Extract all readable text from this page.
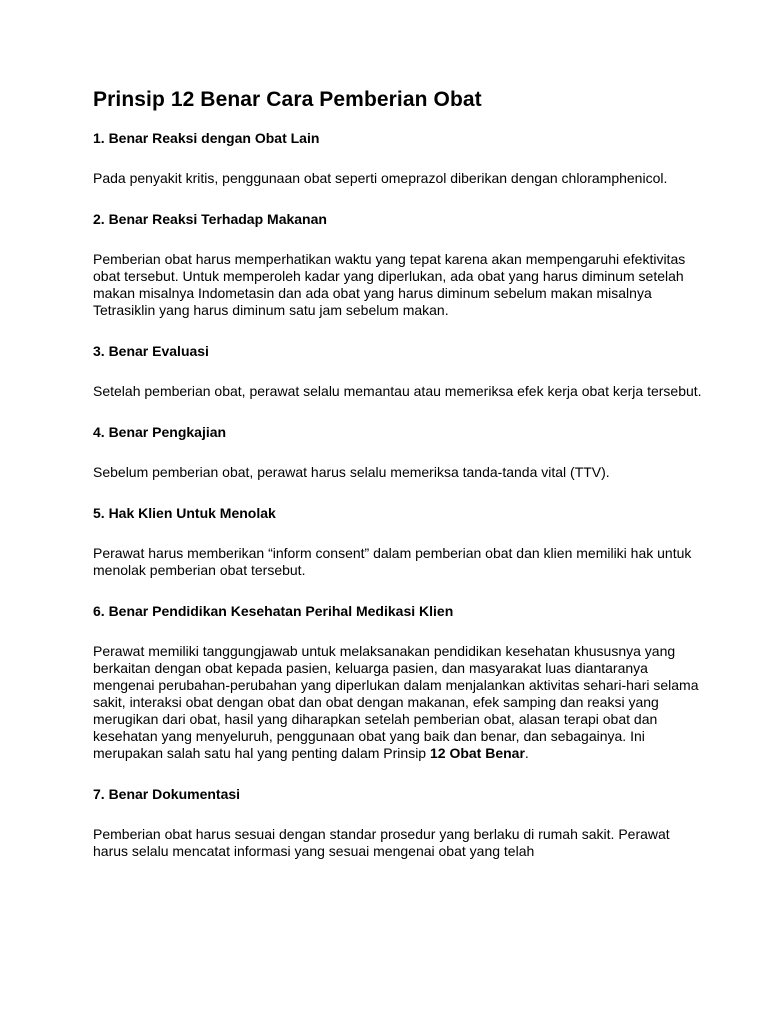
Prinsip 12 Benar Cara Pemberian Obat
1. Benar Reaksi dengan Obat Lain
Pada penyakit kritis, penggunaan obat seperti omeprazol diberikan dengan chloramphenicol.
2. Benar Reaksi Terhadap Makanan
Pemberian obat harus memperhatikan waktu yang tepat karena akan mempengaruhi efektivitas obat tersebut. Untuk memperoleh kadar yang diperlukan, ada obat yang harus diminum setelah makan misalnya Indometasin dan ada obat yang harus diminum sebelum makan misalnya Tetrasiklin yang harus diminum satu jam sebelum makan.
3. Benar Evaluasi
Setelah pemberian obat, perawat selalu memantau atau memeriksa efek kerja obat kerja tersebut.
4. Benar Pengkajian
Sebelum pemberian obat, perawat harus selalu memeriksa tanda-tanda vital (TTV).
5. Hak Klien Untuk Menolak
Perawat harus memberikan “inform consent” dalam pemberian obat dan klien memiliki hak untuk menolak pemberian obat tersebut.
6. Benar Pendidikan Kesehatan Perihal Medikasi Klien
Perawat memiliki tanggungjawab untuk melaksanakan pendidikan kesehatan khususnya yang berkaitan dengan obat kepada pasien, keluarga pasien, dan masyarakat luas diantaranya mengenai perubahan-perubahan yang diperlukan dalam menjalankan aktivitas sehari-hari selama sakit, interaksi obat dengan obat dan obat dengan makanan, efek samping dan reaksi yang merugikan dari obat, hasil yang diharapkan setelah pemberian obat, alasan terapi obat dan kesehatan yang menyeluruh, penggunaan obat yang baik dan benar, dan sebagainya. Ini merupakan salah satu hal yang penting dalam Prinsip 12 Obat Benar.
7. Benar Dokumentasi
Pemberian obat harus sesuai dengan standar prosedur yang berlaku di rumah sakit. Perawat harus selalu mencatat informasi yang sesuai mengenai obat yang telah
